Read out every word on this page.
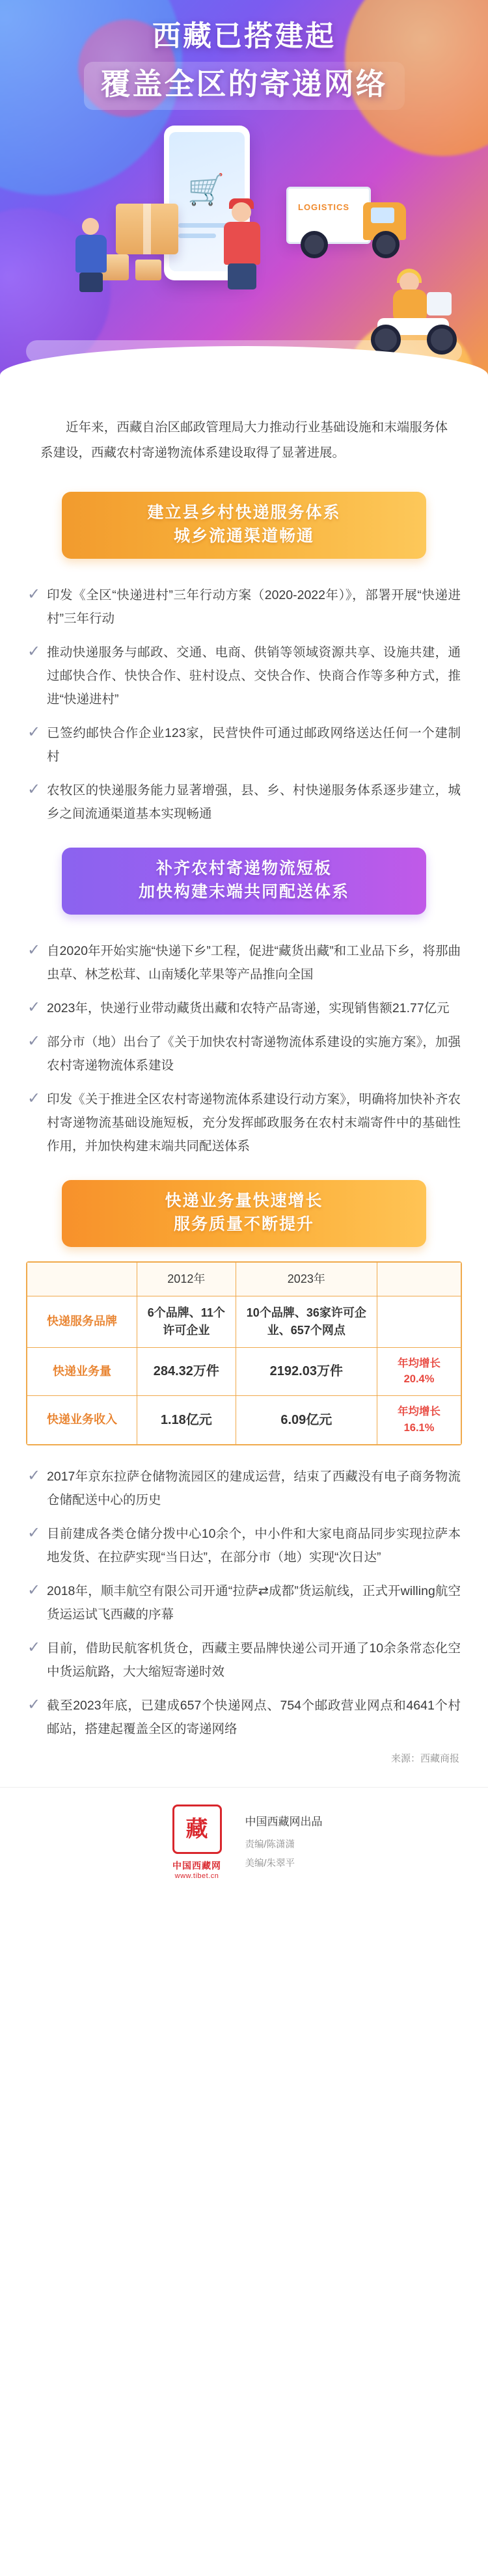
西藏已搭建起
覆盖全区的寄递网络
🛒
LOGISTICS
近年来，西藏自治区邮政管理局大力推动行业基础设施和末端服务体系建设，西藏农村寄递物流体系建设取得了显著进展。
建立县乡村快递服务体系
城乡流通渠道畅通
✓ 印发《全区“快递进村”三年行动方案（2020-2022年）》，部署开展“快递进村”三年行动
✓ 推动快递服务与邮政、交通、电商、供销等领域资源共享、设施共建，通过邮快合作、快快合作、驻村设点、交快合作、快商合作等多种方式，推进“快递进村”
✓ 已签约邮快合作企业123家，民营快件可通过邮政网络送达任何一个建制村
✓ 农牧区的快递服务能力显著增强，县、乡、村快递服务体系逐步建立，城乡之间流通渠道基本实现畅通
补齐农村寄递物流短板
加快构建末端共同配送体系
✓ 自2020年开始实施“快递下乡”工程，促进“藏货出藏”和工业品下乡，将那曲虫草、林芝松茸、山南矮化苹果等产品推向全国
✓ 2023年，快递行业带动藏货出藏和农特产品寄递，实现销售额21.77亿元
✓ 部分市（地）出台了《关于加快农村寄递物流体系建设的实施方案》，加强农村寄递物流体系建设
✓ 印发《关于推进全区农村寄递物流体系建设行动方案》，明确将加快补齐农村寄递物流基础设施短板，充分发挥邮政服务在农村末端寄件中的基础性作用，并加快构建末端共同配送体系
快递业务量快速增长
服务质量不断提升
	2012年	2023年	
快递服务品牌	6个品牌、11个许可企业	10个品牌、36家许可企业、657个网点	
快递业务量	284.32万件	2192.03万件	年均增长20.4%
快递业务收入	1.18亿元	6.09亿元	年均增长16.1%
✓ 2017年京东拉萨仓储物流园区的建成运营，结束了西藏没有电子商务物流仓储配送中心的历史
✓ 目前建成各类仓储分拨中心10余个，中小件和大家电商品同步实现拉萨本地发货、在拉萨实现“当日达”，在部分市（地）实现“次日达”
✓ 2018年，顺丰航空有限公司开通“拉萨⇄成都”货运航线，正式开willing航空货运运试飞西藏的序幕
✓ 目前，借助民航客机货仓，西藏主要品牌快递公司开通了10余条常态化空中货运航路，大大缩短寄递时效
✓ 截至2023年底，已建成657个快递网点、754个邮政营业网点和4641个村邮站，搭建起覆盖全区的寄递网络
来源：西藏商报
藏
中国西藏网
www.tibet.cn
中国西藏网出品
责编/陈潇潇
美编/朱翠平
